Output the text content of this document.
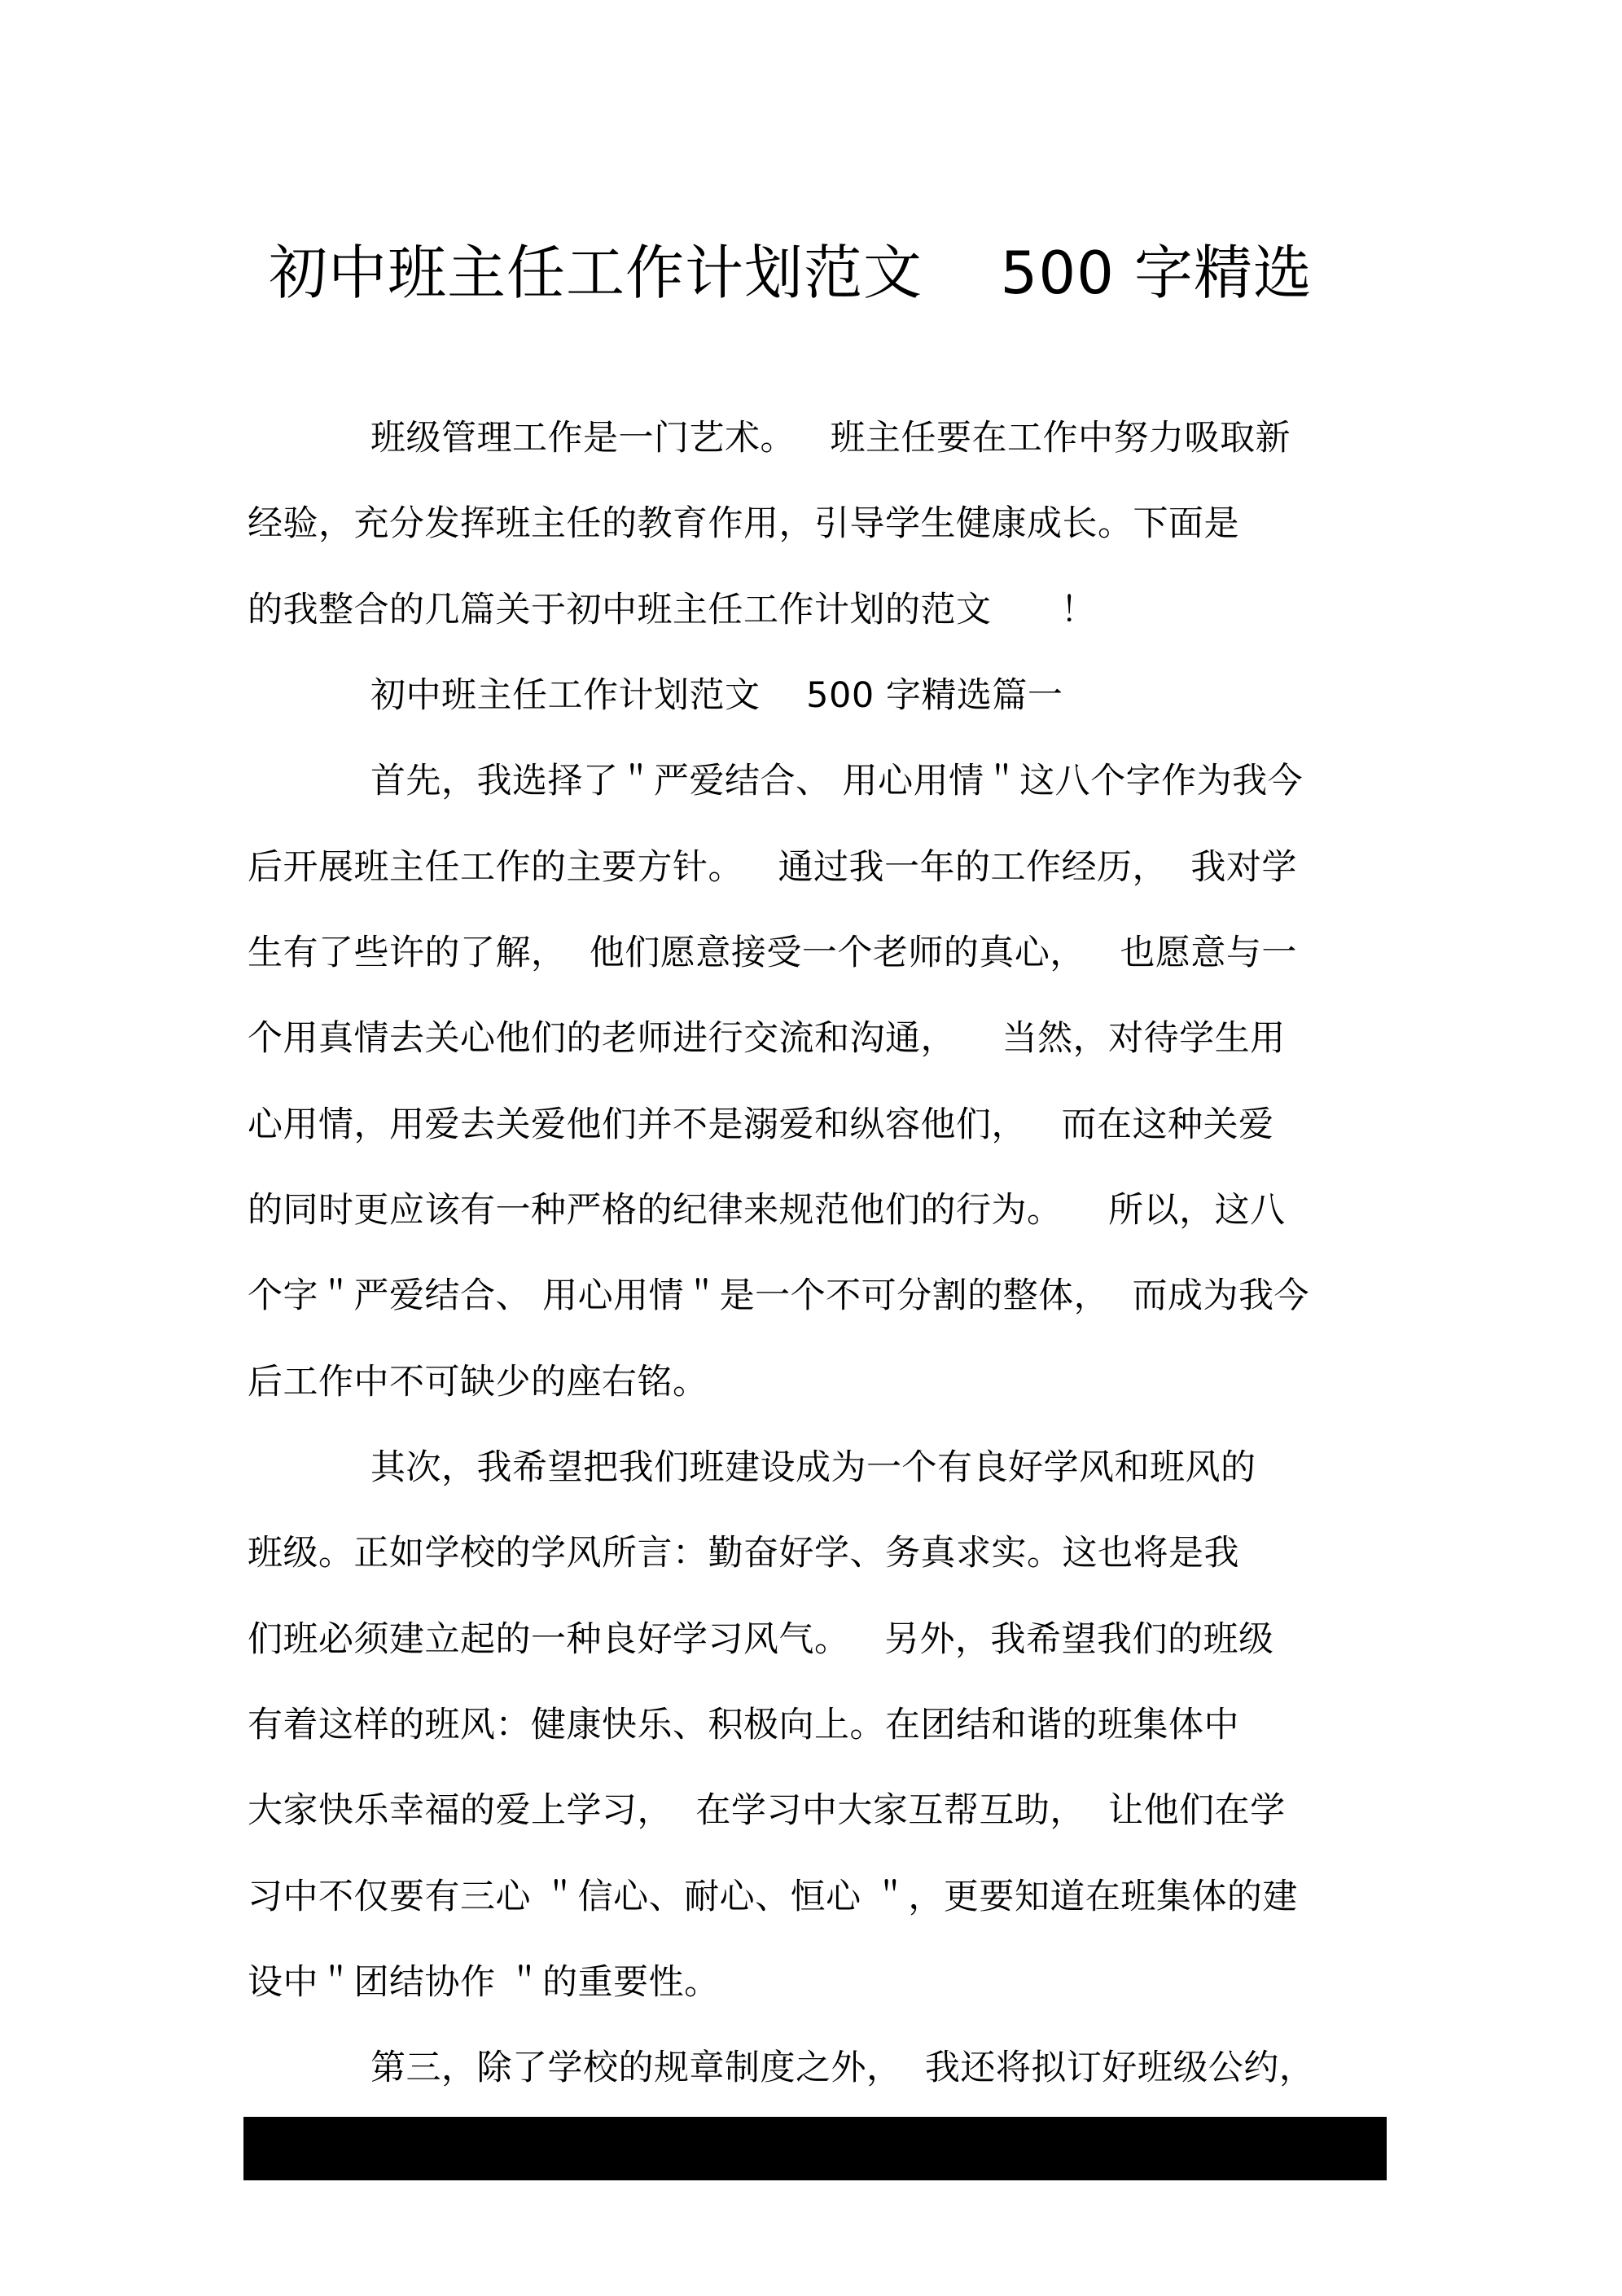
初中班主任工作计划范文    500 字精选
班级管理工作是一门艺术。   班主任要在工作中努力吸取新
经验，充分发挥班主任的教育作用，引导学生健康成长。下面是
的我整合的几篇关于初中班主任工作计划的范文      ！
初中班主任工作计划范文    500 字精选篇一
首先，我选择了＂严爱结合、 用心用情＂这八个字作为我今
后开展班主任工作的主要方针。   通过我一年的工作经历，  我对学
生有了些许的了解，  他们愿意接受一个老师的真心，   也愿意与一
个用真情去关心他们的老师进行交流和沟通，    当然，对待学生用
心用情，用爱去关爱他们并不是溺爱和纵容他们，   而在这种关爱
的同时更应该有一种严格的纪律来规范他们的行为。    所以，这八
个字＂严爱结合、 用心用情＂是一个不可分割的整体，  而成为我今
后工作中不可缺少的座右铭。
其次，我希望把我们班建设成为一个有良好学风和班风的
班级。正如学校的学风所言：勤奋好学、务真求实。这也将是我
们班必须建立起的一种良好学习风气。   另外，我希望我们的班级
有着这样的班风：健康快乐、积极向上。在团结和谐的班集体中
大家快乐幸福的爱上学习，  在学习中大家互帮互助，  让他们在学
习中不仅要有三心 ＂信心、耐心、恒心 ＂，更要知道在班集体的建
设中＂团结协作 ＂的重要性。
第三，除了学校的规章制度之外，  我还将拟订好班级公约，
